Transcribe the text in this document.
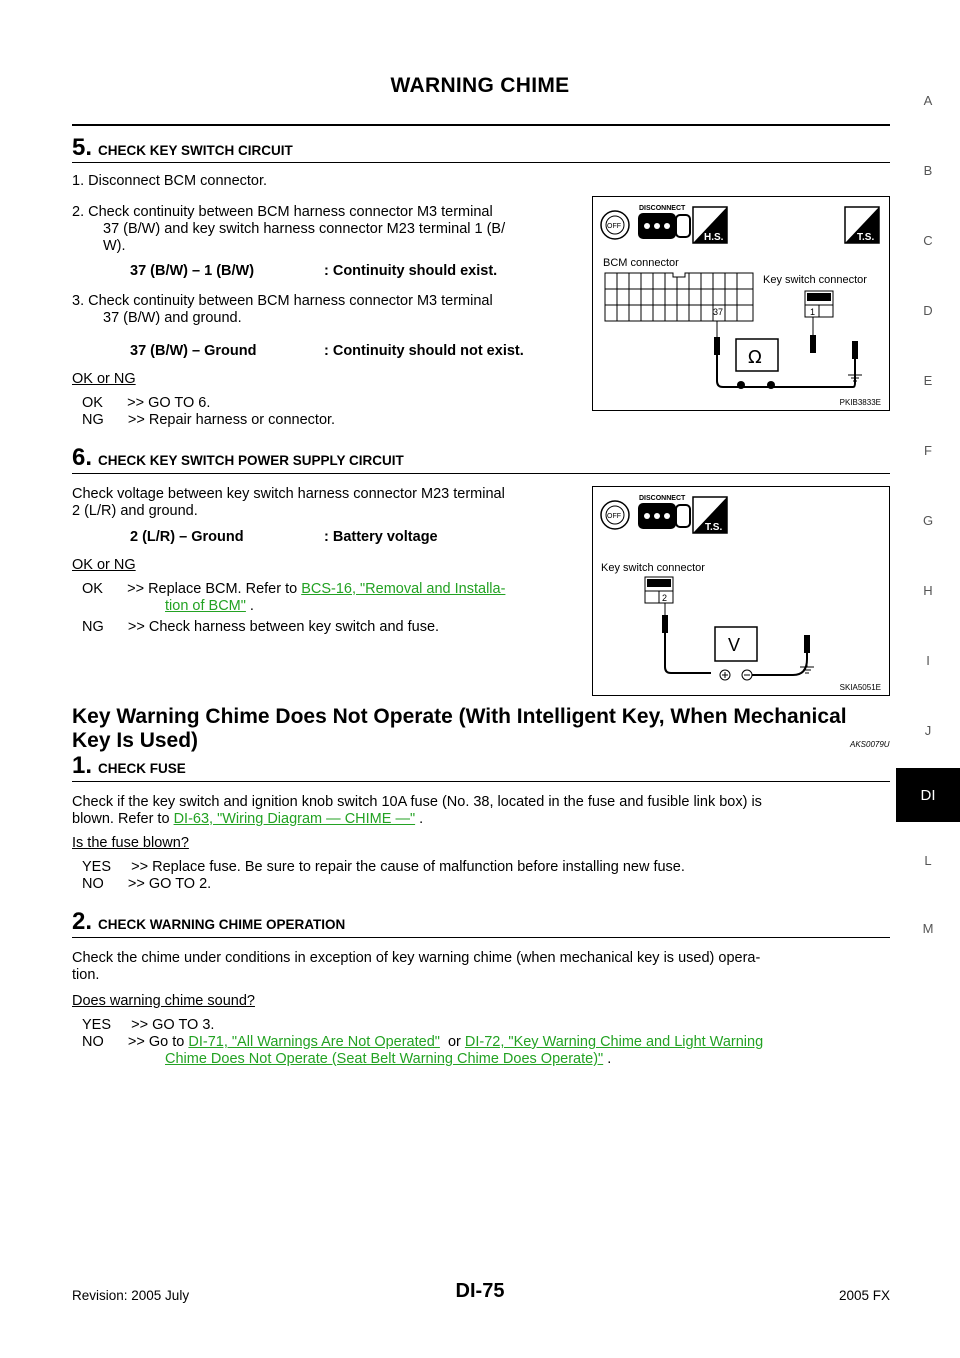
WARNING CHIME
A
B
C
D
E
F
G
H
I
J
DI
L
M
5. CHECK KEY SWITCH CIRCUIT
1. Disconnect BCM connector.
2. Check continuity between BCM harness connector M3 terminal
37 (B/W) and key switch harness connector M23 terminal 1 (B/
W).
37 (B/W) – 1 (B/W)	: Continuity should exist.
3. Check continuity between BCM harness connector M3 terminal
37 (B/W) and ground.
37 (B/W) – Ground	: Continuity should not exist.
OK or NG
OK      >> GO TO 6.
NG      >> Repair harness or connector.
OFF
DISCONNECT
H.S.	T.S.
BCM connector
Key switch connector
37	1
Ω
PKIB3833E
6. CHECK KEY SWITCH POWER SUPPLY CIRCUIT
Check voltage between key switch harness connector M23 terminal
2 (L/R) and ground.
2 (L/R) – Ground	: Battery voltage
OK or NG
OK      >> Replace BCM. Refer to BCS-16, "Removal and Installa-
tion of BCM" .
NG      >> Check harness between key switch and fuse.
OFF
DISCONNECT
T.S.
Key switch connector
2
V
SKIA5051E
Key Warning Chime Does Not Operate (With Intelligent Key, When Mechanical
Key Is Used)	AKS0079U
1. CHECK FUSE
Check if the key switch and ignition knob switch 10A fuse (No. 38, located in the fuse and fusible link box) is
blown. Refer to DI-63, "Wiring Diagram — CHIME —" .
Is the fuse blown?
YES     >> Replace fuse. Be sure to repair the cause of malfunction before installing new fuse.
NO      >> GO TO 2.
2. CHECK WARNING CHIME OPERATION
Check the chime under conditions in exception of key warning chime (when mechanical key is used) opera-
tion.
Does warning chime sound?
YES     >> GO TO 3.
NO      >> Go to DI-71, "All Warnings Are Not Operated"  or DI-72, "Key Warning Chime and Light Warning
Chime Does Not Operate (Seat Belt Warning Chime Does Operate)" .
Revision: 2005 July	DI-75	2005 FX
